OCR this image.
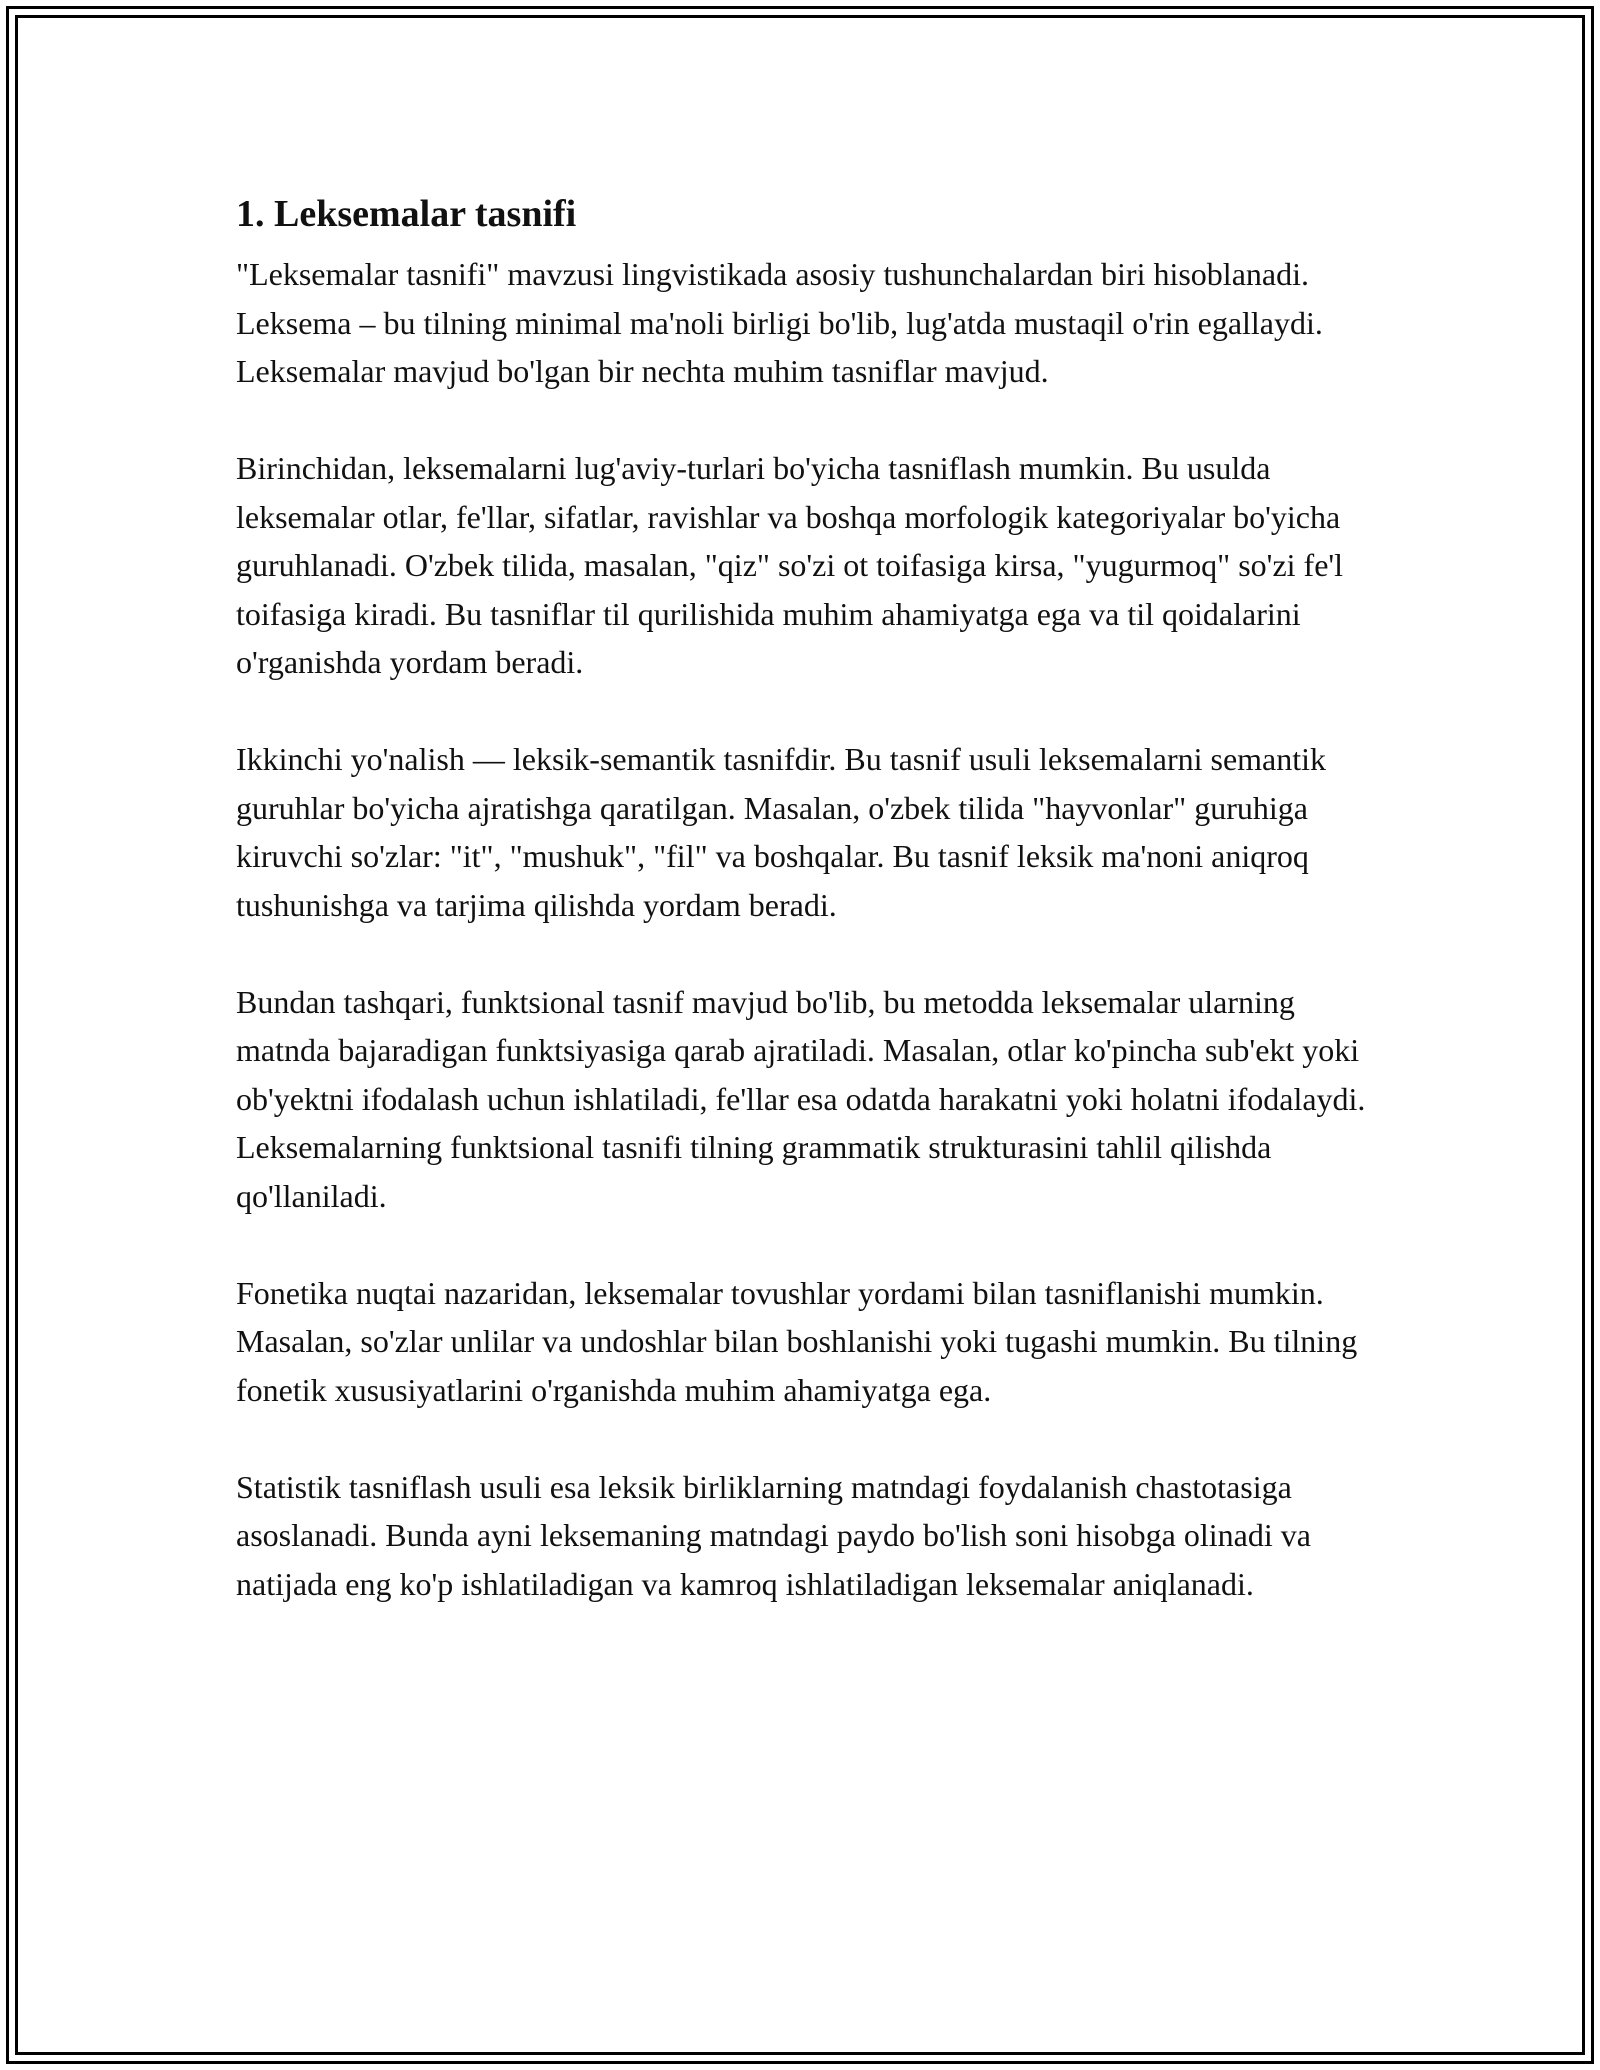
1. Leksemalar tasnifi

"Leksemalar tasnifi" mavzusi lingvistikada asosiy tushunchalardan biri hisoblanadi. Leksema – bu tilning minimal ma'noli birligi bo'lib, lug'atda mustaqil o'rin egallaydi. Leksemalar mavjud bo'lgan bir nechta muhim tasniflar mavjud.

Birinchidan, leksemalarni lug'aviy-turlari bo'yicha tasniflash mumkin. Bu usulda leksemalar otlar, fe'llar, sifatlar, ravishlar va boshqa morfologik kategoriyalar bo'yicha guruhlanadi. O'zbek tilida, masalan, "qiz" so'zi ot toifasiga kirsa, "yugurmoq" so'zi fe'l toifasiga kiradi. Bu tasniflar til qurilishida muhim ahamiyatga ega va til qoidalarini o'rganishda yordam beradi.

Ikkinchi yo'nalish — leksik-semantik tasnifdir. Bu tasnif usuli leksemalarni semantik guruhlar bo'yicha ajratishga qaratilgan. Masalan, o'zbek tilida "hayvonlar" guruhiga kiruvchi so'zlar: "it", "mushuk", "fil" va boshqalar. Bu tasnif leksik ma'noni aniqroq tushunishga va tarjima qilishda yordam beradi.

Bundan tashqari, funktsional tasnif mavjud bo'lib, bu metodda leksemalar ularning matnda bajaradigan funktsiyasiga qarab ajratiladi. Masalan, otlar ko'pincha sub'ekt yoki ob'yektni ifodalash uchun ishlatiladi, fe'llar esa odatda harakatni yoki holatni ifodalaydi. Leksemalarning funktsional tasnifi tilning grammatik strukturasini tahlil qilishda qo'llaniladi.

Fonetika nuqtai nazaridan, leksemalar tovushlar yordami bilan tasniflanishi mumkin. Masalan, so'zlar unlilar va undoshlar bilan boshlanishi yoki tugashi mumkin. Bu tilning fonetik xususiyatlarini o'rganishda muhim ahamiyatga ega.

Statistik tasniflash usuli esa leksik birliklarning matndagi foydalanish chastotasiga asoslanadi. Bunda ayni leksemaning matndagi paydo bo'lish soni hisobga olinadi va natijada eng ko'p ishlatiladigan va kamroq ishlatiladigan leksemalar aniqlanadi.
